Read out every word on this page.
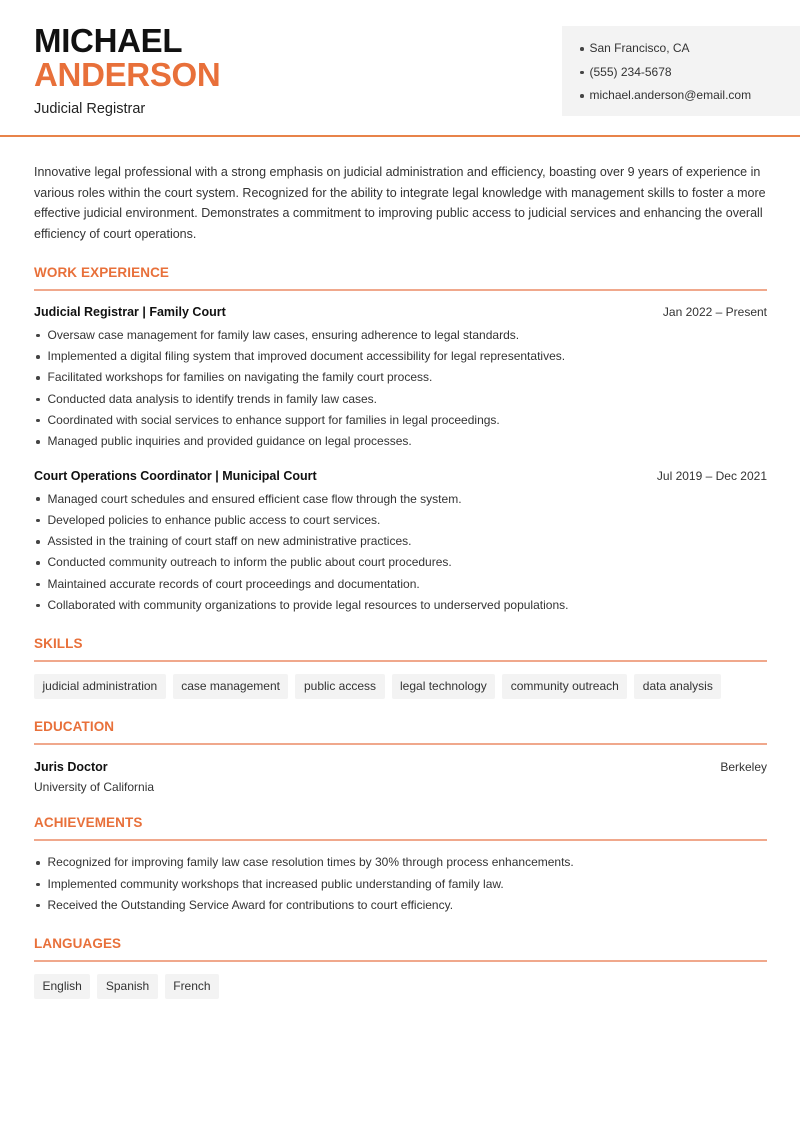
MICHAEL
ANDERSON
Judicial Registrar
San Francisco, CA
(555) 234-5678
michael.anderson@email.com

Innovative legal professional with a strong emphasis on judicial administration and efficiency, boasting over 9 years of experience in various roles within the court system. Recognized for the ability to integrate legal knowledge with management skills to foster a more effective judicial environment. Demonstrates a commitment to improving public access to judicial services and enhancing the overall efficiency of court operations.

WORK EXPERIENCE
Judicial Registrar | Family Court	Jan 2022 – Present
Oversaw case management for family law cases, ensuring adherence to legal standards.
Implemented a digital filing system that improved document accessibility for legal representatives.
Facilitated workshops for families on navigating the family court process.
Conducted data analysis to identify trends in family law cases.
Coordinated with social services to enhance support for families in legal proceedings.
Managed public inquiries and provided guidance on legal processes.
Court Operations Coordinator | Municipal Court	Jul 2019 – Dec 2021
Managed court schedules and ensured efficient case flow through the system.
Developed policies to enhance public access to court services.
Assisted in the training of court staff on new administrative practices.
Conducted community outreach to inform the public about court procedures.
Maintained accurate records of court proceedings and documentation.
Collaborated with community organizations to provide legal resources to underserved populations.
SKILLS
judicial administration	case management	public access	legal technology	community outreach	data analysis
EDUCATION
Juris Doctor
University of California
Berkeley
ACHIEVEMENTS
Recognized for improving family law case resolution times by 30% through process enhancements.
Implemented community workshops that increased public understanding of family law.
Received the Outstanding Service Award for contributions to court efficiency.
LANGUAGES
English	Spanish	French
